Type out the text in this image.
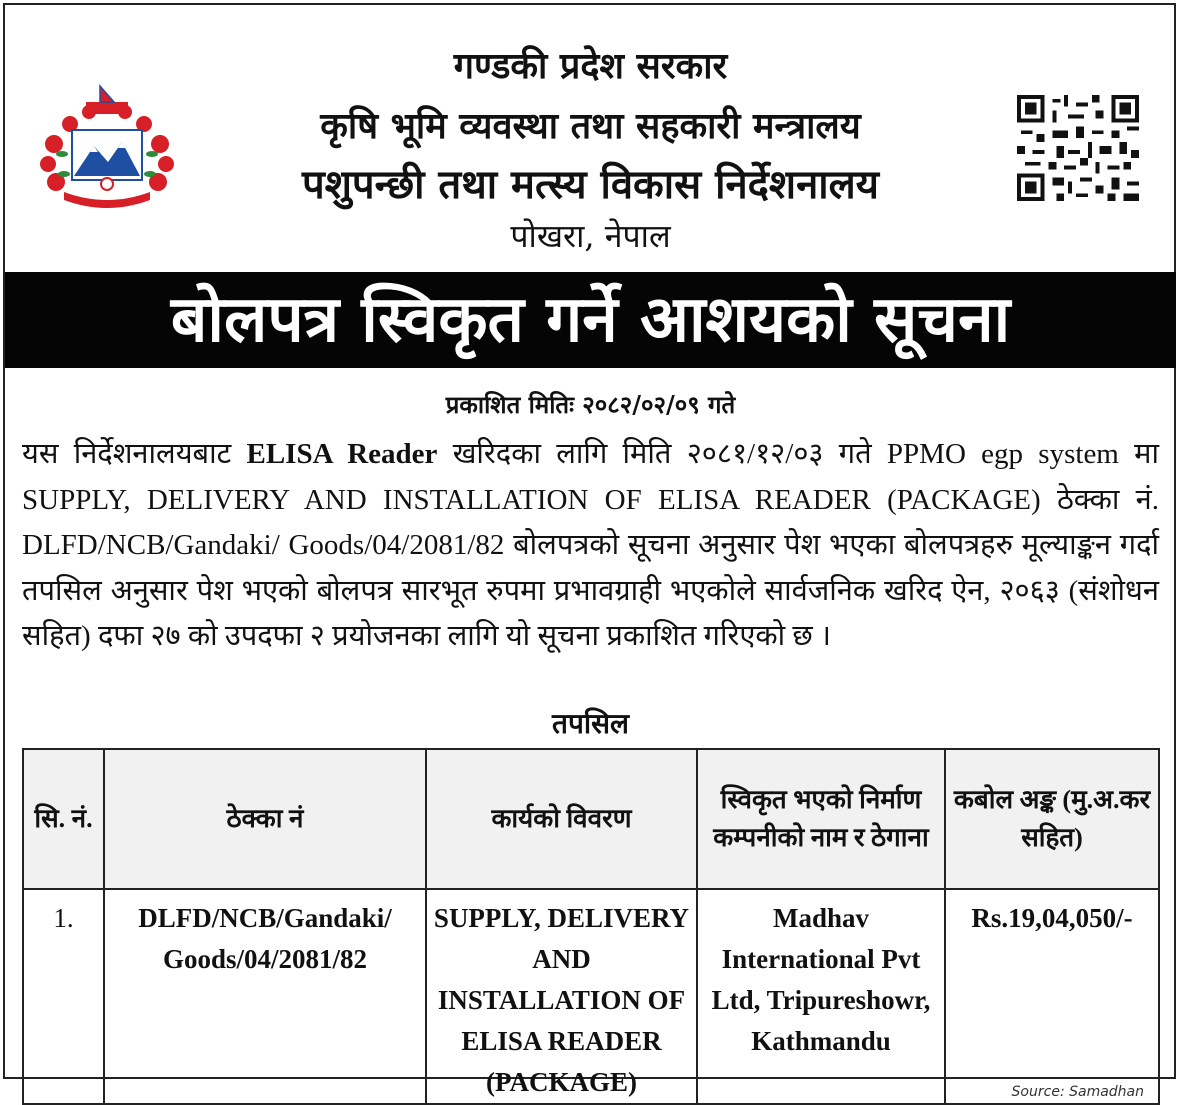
गण्डकी प्रदेश सरकार
कृषि भूमि व्यवस्था तथा सहकारी मन्त्रालय
पशुपन्छी तथा मत्स्य विकास निर्देशनालय
पोखरा, नेपाल
बोलपत्र स्विकृत गर्ने आशयको सूचना
प्रकाशित मितिः २०८२/०२/०९ गते

यस निर्देशनालयबाट ELISA Reader खरिदका लागि मिति २०८१/१२/०३ गते PPMO egp system मा SUPPLY, DELIVERY AND INSTALLATION OF ELISA READER (PACKAGE) ठेक्का नं. DLFD/NCB/Gandaki/ Goods/04/2081/82 बोलपत्रको सूचना अनुसार पेश भएका बोलपत्रहरु मूल्याङ्कन गर्दा तपसिल अनुसार पेश भएको बोलपत्र सारभूत रुपमा प्रभावग्राही भएकोले सार्वजनिक खरिद ऐन, २०६३ (संशोधन सहित) दफा २७ को उपदफा २ प्रयोजनका लागि यो सूचना प्रकाशित गरिएको छ ।

तपसिल
सि. नं.	ठेक्का नं	कार्यको विवरण	स्विकृत भएको निर्माण कम्पनीको नाम र ठेगाना	कबोल अङ्क (मु.अ.कर सहित)

1.	DLFD/NCB/Gandaki/ Goods/04/2081/82	SUPPLY, DELIVERY AND INSTALLATION OF ELISA READER (PACKAGE)	Madhav International Pvt Ltd, Tripureshowr, Kathmandu	Rs.19,04,050/-
Source: Samadhan
